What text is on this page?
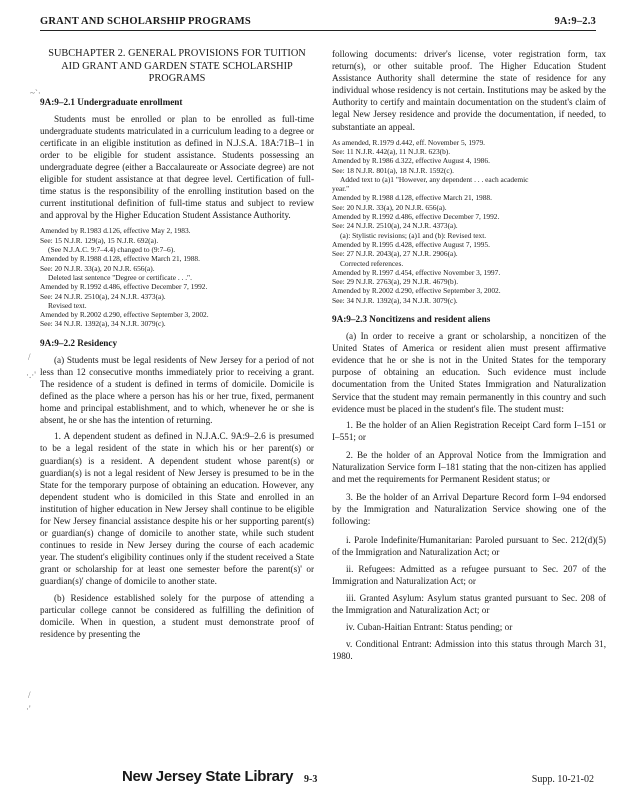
GRANT AND SCHOLARSHIP PROGRAMS	9A:9–2.3
~`·
/
·.·'
/
·'
SUBCHAPTER 2. GENERAL PROVISIONS FOR TUITION AID GRANT AND GARDEN STATE SCHOLARSHIP PROGRAMS
9A:9–2.1 Undergraduate enrollment

Students must be enrolled or plan to be enrolled as full-time undergraduate students matriculated in a curriculum leading to a degree or certificate in an eligible institution as defined in N.J.S.A. 18A:71B–1 in order to be eligible for student assistance. Students possessing an undergraduate degree (either a Baccalaureate or Associate degree) are not eligible for student assistance at that degree level. Certification of full-time status is the responsibility of the enrolling institution based on the current institutional definition of full-time status and subject to review and approval by the Higher Education Student Assistance Authority.

Amended by R.1983 d.126, effective May 2, 1983.
See: 15 N.J.R. 129(a), 15 N.J.R. 692(a).
(See N.J.A.C. 9:7–4.4) changed to (9:7–6).
Amended by R.1988 d.128, effective March 21, 1988.
See: 20 N.J.R. 33(a), 20 N.J.R. 656(a).
Deleted last sentence "Degree or certificate . . .".
Amended by R.1992 d.486, effective December 7, 1992.
See: 24 N.J.R. 2510(a), 24 N.J.R. 4373(a).
Revised text.
Amended by R.2002 d.290, effective September 3, 2002.
See: 34 N.J.R. 1392(a), 34 N.J.R. 3079(c).
9A:9–2.2 Residency

(a) Students must be legal residents of New Jersey for a period of not less than 12 consecutive months immediately prior to receiving a grant. The residence of a student is defined in terms of domicile. Domicile is defined as the place where a person has his or her true, fixed, permanent home and principal establishment, and to which, whenever he or she is absent, he or she has the intention of returning.

1. A dependent student as defined in N.J.A.C. 9A:9–2.6 is presumed to be a legal resident of the state in which his or her parent(s) or guardian(s) is a resident. A dependent student whose parent(s) or guardian(s) is not a legal resident of New Jersey is presumed to be in the State for the temporary purpose of obtaining an education. However, any dependent student who is domiciled in this State and enrolled in an institution of higher education in New Jersey shall continue to be eligible for New Jersey financial assistance despite his or her supporting parent(s) or guardian(s) change of domicile to another state, while such student continues to reside in New Jersey during the course of each academic year. The student's eligibility continues only if the student received a State grant or scholarship for at least one semester before the parent(s)' or guardian(s)' change of domicile to another state.

(b) Residence established solely for the purpose of attending a particular college cannot be considered as fulfilling the definition of domicile. When in question, a student must demonstrate proof of residence by presenting the

following documents: driver's license, voter registration form, tax return(s), or other suitable proof. The Higher Education Student Assistance Authority shall determine the state of residence for any individual whose residency is not certain. Institutions may be asked by the Authority to certify and maintain documentation on the student's claim of legal New Jersey residence and provide the documentation, if needed, to substantiate an appeal.

As amended, R.1979 d.442, eff. November 5, 1979.
See: 11 N.J.R. 442(a), 11 N.J.R. 623(b).
Amended by R.1986 d.322, effective August 4, 1986.
See: 18 N.J.R. 801(a), 18 N.J.R. 1592(c).
Added text to (a)1 "However, any dependent . . . each academic
year."
Amended by R.1988 d.128, effective March 21, 1988.
See: 20 N.J.R. 33(a), 20 N.J.R. 656(a).
Amended by R.1992 d.486, effective December 7, 1992.
See: 24 N.J.R. 2510(a), 24 N.J.R. 4373(a).
(a): Stylistic revisions; (a)1 and (b): Revised text.
Amended by R.1995 d.428, effective August 7, 1995.
See: 27 N.J.R. 2043(a), 27 N.J.R. 2906(a).
Corrected references.
Amended by R.1997 d.454, effective November 3, 1997.
See: 29 N.J.R. 2763(a), 29 N.J.R. 4679(b).
Amended by R.2002 d.290, effective September 3, 2002.
See: 34 N.J.R. 1392(a), 34 N.J.R. 3079(c).
9A:9–2.3 Noncitizens and resident aliens

(a) In order to receive a grant or scholarship, a noncitizen of the United States of America or resident alien must present affirmative evidence that he or she is not in the United States for the temporary purpose of obtaining an education. Such evidence must include documentation from the United States Immigration and Naturalization Service that the student may remain permanently in this country and such evidence must be placed in the student's file. The student must:

1. Be the holder of an Alien Registration Receipt Card form I–151 or I–551; or

2. Be the holder of an Approval Notice from the Immigration and Naturalization Service form I–181 stating that the non-citizen has applied and met the requirements for Permanent Resident status; or

3. Be the holder of an Arrival Departure Record form I–94 endorsed by the Immigration and Naturalization Service showing one of the following:

i. Parole Indefinite/Humanitarian: Paroled pursuant to Sec. 212(d)(5) of the Immigration and Naturalization Act; or

ii. Refugees: Admitted as a refugee pursuant to Sec. 207 of the Immigration and Naturalization Act; or

iii. Granted Asylum: Asylum status granted pursuant to Sec. 208 of the Immigration and Naturalization Act; or

iv. Cuban-Haitian Entrant: Status pending; or

v. Conditional Entrant: Admission into this status through March 31, 1980.

New Jersey State Library 9-3	Supp. 10-21-02
